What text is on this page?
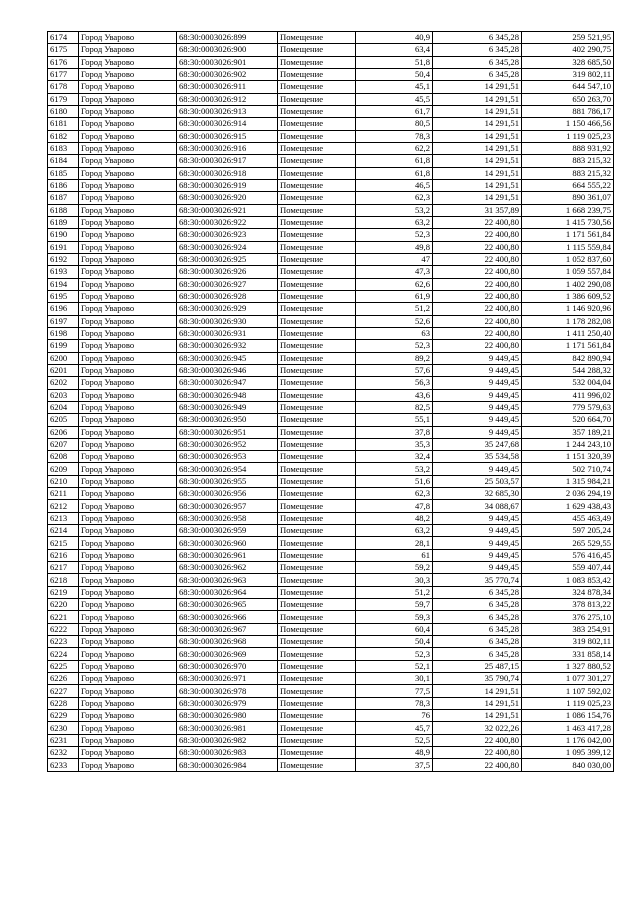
6174	Город Уварово	68:30:0003026:899	Помещение	40,9	6 345,28	259 521,95
6175	Город Уварово	68:30:0003026:900	Помещение	63,4	6 345,28	402 290,75
6176	Город Уварово	68:30:0003026:901	Помещение	51,8	6 345,28	328 685,50
6177	Город Уварово	68:30:0003026:902	Помещение	50,4	6 345,28	319 802,11
6178	Город Уварово	68:30:0003026:911	Помещение	45,1	14 291,51	644 547,10
6179	Город Уварово	68:30:0003026:912	Помещение	45,5	14 291,51	650 263,70
6180	Город Уварово	68:30:0003026:913	Помещение	61,7	14 291,51	881 786,17
6181	Город Уварово	68:30:0003026:914	Помещение	80,5	14 291,51	1 150 466,56
6182	Город Уварово	68:30:0003026:915	Помещение	78,3	14 291,51	1 119 025,23
6183	Город Уварово	68:30:0003026:916	Помещение	62,2	14 291,51	888 931,92
6184	Город Уварово	68:30:0003026:917	Помещение	61,8	14 291,51	883 215,32
6185	Город Уварово	68:30:0003026:918	Помещение	61,8	14 291,51	883 215,32
6186	Город Уварово	68:30:0003026:919	Помещение	46,5	14 291,51	664 555,22
6187	Город Уварово	68:30:0003026:920	Помещение	62,3	14 291,51	890 361,07
6188	Город Уварово	68:30:0003026:921	Помещение	53,2	31 357,89	1 668 239,75
6189	Город Уварово	68:30:0003026:922	Помещение	63,2	22 400,80	1 415 730,56
6190	Город Уварово	68:30:0003026:923	Помещение	52,3	22 400,80	1 171 561,84
6191	Город Уварово	68:30:0003026:924	Помещение	49,8	22 400,80	1 115 559,84
6192	Город Уварово	68:30:0003026:925	Помещение	47	22 400,80	1 052 837,60
6193	Город Уварово	68:30:0003026:926	Помещение	47,3	22 400,80	1 059 557,84
6194	Город Уварово	68:30:0003026:927	Помещение	62,6	22 400,80	1 402 290,08
6195	Город Уварово	68:30:0003026:928	Помещение	61,9	22 400,80	1 386 609,52
6196	Город Уварово	68:30:0003026:929	Помещение	51,2	22 400,80	1 146 920,96
6197	Город Уварово	68:30:0003026:930	Помещение	52,6	22 400,80	1 178 282,08
6198	Город Уварово	68:30:0003026:931	Помещение	63	22 400,80	1 411 250,40
6199	Город Уварово	68:30:0003026:932	Помещение	52,3	22 400,80	1 171 561,84
6200	Город Уварово	68:30:0003026:945	Помещение	89,2	9 449,45	842 890,94
6201	Город Уварово	68:30:0003026:946	Помещение	57,6	9 449,45	544 288,32
6202	Город Уварово	68:30:0003026:947	Помещение	56,3	9 449,45	532 004,04
6203	Город Уварово	68:30:0003026:948	Помещение	43,6	9 449,45	411 996,02
6204	Город Уварово	68:30:0003026:949	Помещение	82,5	9 449,45	779 579,63
6205	Город Уварово	68:30:0003026:950	Помещение	55,1	9 449,45	520 664,70
6206	Город Уварово	68:30:0003026:951	Помещение	37,8	9 449,45	357 189,21
6207	Город Уварово	68:30:0003026:952	Помещение	35,3	35 247,68	1 244 243,10
6208	Город Уварово	68:30:0003026:953	Помещение	32,4	35 534,58	1 151 320,39
6209	Город Уварово	68:30:0003026:954	Помещение	53,2	9 449,45	502 710,74
6210	Город Уварово	68:30:0003026:955	Помещение	51,6	25 503,57	1 315 984,21
6211	Город Уварово	68:30:0003026:956	Помещение	62,3	32 685,30	2 036 294,19
6212	Город Уварово	68:30:0003026:957	Помещение	47,8	34 088,67	1 629 438,43
6213	Город Уварово	68:30:0003026:958	Помещение	48,2	9 449,45	455 463,49
6214	Город Уварово	68:30:0003026:959	Помещение	63,2	9 449,45	597 205,24
6215	Город Уварово	68:30:0003026:960	Помещение	28,1	9 449,45	265 529,55
6216	Город Уварово	68:30:0003026:961	Помещение	61	9 449,45	576 416,45
6217	Город Уварово	68:30:0003026:962	Помещение	59,2	9 449,45	559 407,44
6218	Город Уварово	68:30:0003026:963	Помещение	30,3	35 770,74	1 083 853,42
6219	Город Уварово	68:30:0003026:964	Помещение	51,2	6 345,28	324 878,34
6220	Город Уварово	68:30:0003026:965	Помещение	59,7	6 345,28	378 813,22
6221	Город Уварово	68:30:0003026:966	Помещение	59,3	6 345,28	376 275,10
6222	Город Уварово	68:30:0003026:967	Помещение	60,4	6 345,28	383 254,91
6223	Город Уварово	68:30:0003026:968	Помещение	50,4	6 345,28	319 802,11
6224	Город Уварово	68:30:0003026:969	Помещение	52,3	6 345,28	331 858,14
6225	Город Уварово	68:30:0003026:970	Помещение	52,1	25 487,15	1 327 880,52
6226	Город Уварово	68:30:0003026:971	Помещение	30,1	35 790,74	1 077 301,27
6227	Город Уварово	68:30:0003026:978	Помещение	77,5	14 291,51	1 107 592,02
6228	Город Уварово	68:30:0003026:979	Помещение	78,3	14 291,51	1 119 025,23
6229	Город Уварово	68:30:0003026:980	Помещение	76	14 291,51	1 086 154,76
6230	Город Уварово	68:30:0003026:981	Помещение	45,7	32 022,26	1 463 417,28
6231	Город Уварово	68:30:0003026:982	Помещение	52,5	22 400,80	1 176 042,00
6232	Город Уварово	68:30:0003026:983	Помещение	48,9	22 400,80	1 095 399,12
6233	Город Уварово	68:30:0003026:984	Помещение	37,5	22 400,80	840 030,00
